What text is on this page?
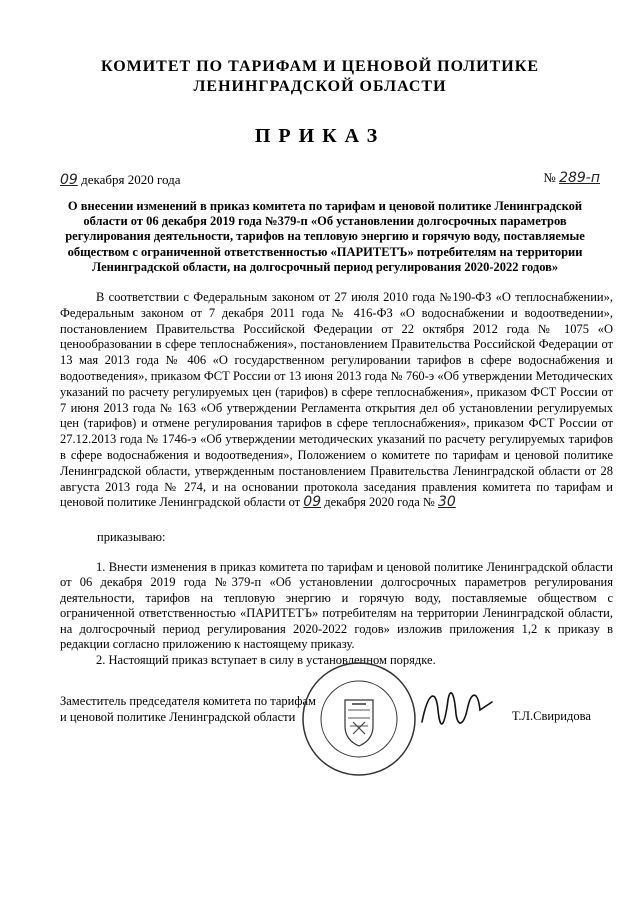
КОМИТЕТ ПО ТАРИФАМ И ЦЕНОВОЙ ПОЛИТИКЕ
ЛЕНИНГРАДСКОЙ ОБЛАСТИ
ПРИКАЗ
09 декабря 2020 года	№ 289-п
О внесении изменений в приказ комитета по тарифам и ценовой политике Ленинградской области от 06 декабря 2019 года №379-п «Об установлении долгосрочных параметров регулирования деятельности, тарифов на тепловую энергию и горячую воду, поставляемые обществом с ограниченной ответственностью «ПАРИТЕТЪ» потребителям на территории Ленинградской области, на долгосрочный период регулирования 2020-2022 годов»
В соответствии с Федеральным законом от 27 июля 2010 года №190-ФЗ «О теплоснабжении», Федеральным законом от 7 декабря 2011 года № 416-ФЗ «О водоснабжении и водоотведении», постановлением Правительства Российской Федерации от 22 октября 2012 года № 1075 «О ценообразовании в сфере теплоснабжения», постановлением Правительства Российской Федерации от 13 мая 2013 года № 406 «О государственном регулировании тарифов в сфере водоснабжения и водоотведения», приказом ФСТ России от 13 июня 2013 года № 760-э «Об утверждении Методических указаний по расчету регулируемых цен (тарифов) в сфере теплоснабжения», приказом ФСТ России от 7 июня 2013 года № 163 «Об утверждении Регламента открытия дел об установлении регулируемых цен (тарифов) и отмене регулирования тарифов в сфере теплоснабжения», приказом ФСТ России от 27.12.2013 года № 1746-э «Об утверждении методических указаний по расчету регулируемых тарифов в сфере водоснабжения и водоотведения», Положением о комитете по тарифам и ценовой политике Ленинградской области, утвержденным постановлением Правительства Ленинградской области от 28 августа 2013 года № 274, и на основании протокола заседания правления комитета по тарифам и ценовой политике Ленинградской области от 09 декабря 2020 года № 30
приказываю:
1. Внести изменения в приказ комитета по тарифам и ценовой политике Ленинградской области от 06 декабря 2019 года №379-п «Об установлении долгосрочных параметров регулирования деятельности, тарифов на тепловую энергию и горячую воду, поставляемые обществом с ограниченной ответственностью «ПАРИТЕТЪ» потребителям на территории Ленинградской области, на долгосрочный период регулирования 2020-2022 годов» изложив приложения 1,2 к приказу в редакции согласно приложению к настоящему приказу.
2. Настоящий приказ вступает в силу в установленном порядке.
Заместитель председателя комитета по тарифам
и ценовой политике Ленинградской области	Т.Л.Свиридова
